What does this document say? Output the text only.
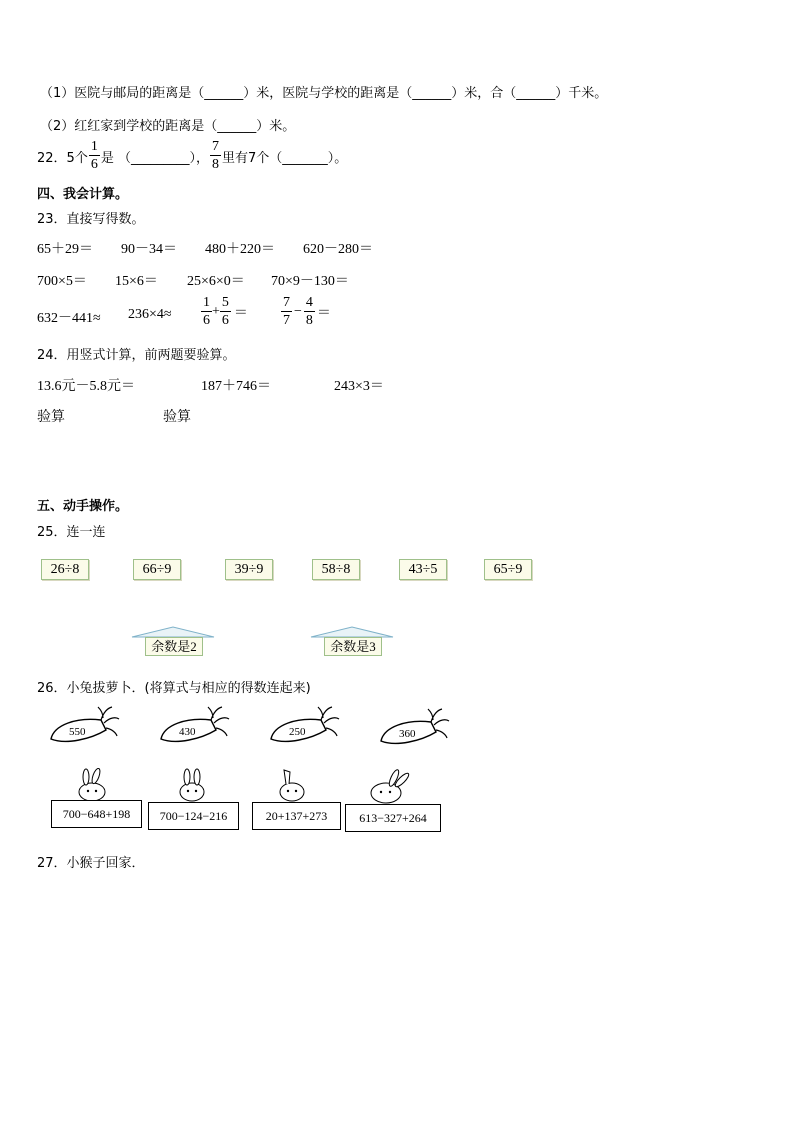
（1）医院与邮局的距离是（______）米，医院与学校的距离是（______）米，合（______）千米。
（2）红红家到学校的距离是（______）米。
22．5个 $\frac{1}{6}$ 是 （_________）， $\frac{7}{8}$ 里有7个（_______）。
四、我会计算。
23．直接写得数。
65＋29＝ 90－34＝ 480＋220＝ 620－280＝
700×5＝ 15×6＝ 25×6×0＝ 70×9－130＝
$632-441\approx 236\times 4\approx \frac{1}{6} + \frac{5}{6} = \frac{7}{7} - \frac{4}{8}$ ＝
24．用竖式计算，前两题要验算。
13.6元－5.8元＝	187＋746＝	243×3＝
验算	验算
五、动手操作。
25．连一连
26÷8	66÷9	39÷9	58÷8	43÷5	65÷9
余数是2	余数是3
26．小兔拔萝卜．(将算式与相应的得数连起来)
550	430	250	360
700−648+198	700−124−216	20+137+273	613−327+264
27．小猴子回家．
